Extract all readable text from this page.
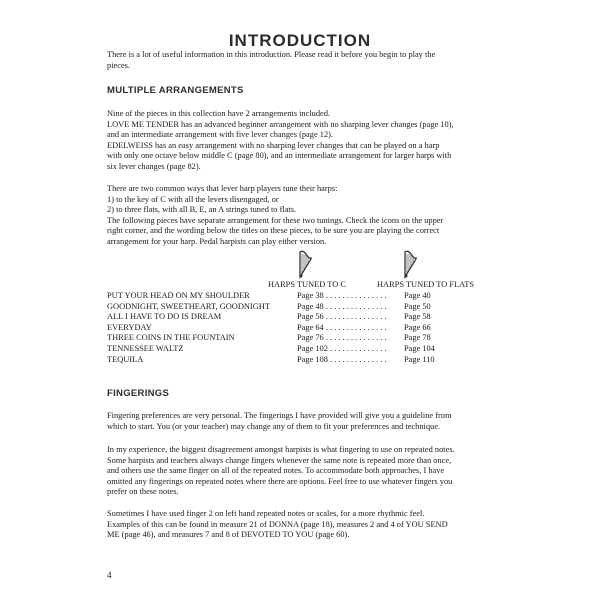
INTRODUCTION
There is a lot of useful information in this introduction. Please read it before you begin to play the
pieces.
MULTIPLE ARRANGEMENTS
Nine of the pieces in this collection have 2 arrangements included.
LOVE ME TENDER has an advanced beginner arrangement with no sharping lever changes (page 10),
and an intermediate arrangement with five lever changes (page 12).
EDELWEISS has an easy arrangement with no sharping lever changes that can be played on a harp
with only one octave below middle C (page 80), and an intermediate arrangement for larger harps with
six lever changes (page 82).
There are two common ways that lever harp players tune their harps:
1) to the key of C with all the levers disengaged, or
2) to three flats, with all B, E, an A strings tuned to flats.
The following pieces have separate arrangement for these two tunings. Check the icons on the upper
right corner, and the wording below the titles on these pieces, to be sure you are playing the correct
arrangement for your harp. Pedal harpists can play either version.
HARPS TUNED TO C	HARPS TUNED TO FLATS
PUT YOUR HEAD ON MY SHOULDER	Page 38 . . . . . . . . . . . . . . . Page 40
GOODNIGHT, SWEETHEART, GOODNIGHT	Page 48 . . . . . . . . . . . . . . . Page 50
ALL I HAVE TO DO IS DREAM	Page 56 . . . . . . . . . . . . . . . Page 58
EVERYDAY	Page 64 . . . . . . . . . . . . . . . Page 66
THREE COINS IN THE FOUNTAIN	Page 76 . . . . . . . . . . . . . . . Page 78
TENNESSEE WALTZ	Page 102 . . . . . . . . . . . . . . Page 104
TEQUILA	Page 108 . . . . . . . . . . . . . . Page 110
FINGERINGS
Fingering preferences are very personal. The fingerings I have provided will give you a guideline from
which to start. You (or your teacher) may change any of them to fit your preferences and technique.
In my experience, the biggest disagreement amongst harpists is what fingering to use on repeated notes.
Some harpists and teachers always change fingers whenever the same note is repeated more than once,
and others use the same finger on all of the repeated notes. To accommodate both approaches, I have
omitted any fingerings on repeated notes where there are options. Feel free to use whatever fingers you
prefer on these notes.
Sometimes I have used finger 2 on left hand repeated notes or scales, for a more rhythmic feel.
Examples of this can be found in measure 21 of DONNA (page 18), measures 2 and 4 of YOU SEND
ME (page 46), and measures 7 and 8 of DEVOTED TO YOU (page 60).
4
